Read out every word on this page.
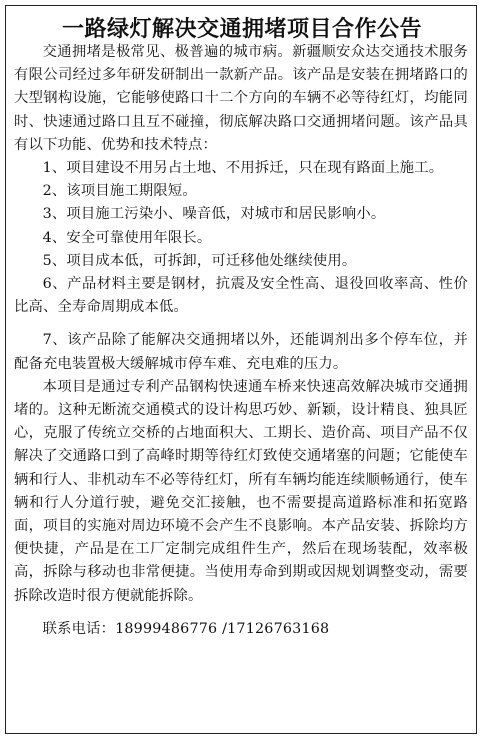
一路绿灯解决交通拥堵项目合作公告

交通拥堵是极常见、极普遍的城市病。新疆顺安众达交通技术服务有限公司经过多年研发研制出一款新产品。该产品是安装在拥堵路口的大型钢构设施，它能够使路口十二个方向的车辆不必等待红灯，均能同时、快速通过路口且互不碰撞，彻底解决路口交通拥堵问题。该产品具有以下功能、优势和技术特点：

1、项目建设不用另占土地、不用拆迁，只在现有路面上施工。

2、该项目施工期限短。

3、项目施工污染小、噪音低，对城市和居民影响小。

4、安全可靠使用年限长。

5、项目成本低，可拆卸，可迁移他处继续使用。

6、产品材料主要是钢材，抗震及安全性高、退役回收率高、性价比高、全寿命周期成本低。

7、该产品除了能解决交通拥堵以外，还能调剂出多个停车位，并配备充电装置极大缓解城市停车难、充电难的压力。

本项目是通过专利产品钢构快速通车桥来快速高效解决城市交通拥堵的。这种无断流交通模式的设计构思巧妙、新颖，设计精良、独具匠心，克服了传统立交桥的占地面积大、工期长、造价高、项目产品不仅解决了交通路口到了高峰时期等待红灯致使交通堵塞的问题；它能使车辆和行人、非机动车不必等待红灯，所有车辆均能连续顺畅通行，使车辆和行人分道行驶，避免交汇接触，也不需要提高道路标准和拓宽路面，项目的实施对周边环境不会产生不良影响。本产品安装、拆除均方便快捷，产品是在工厂定制完成组件生产，然后在现场装配，效率极高，拆除与移动也非常便捷。当使用寿命到期或因规划调整变动，需要拆除改造时很方便就能拆除。

联系电话：18999486776 /17126763168
